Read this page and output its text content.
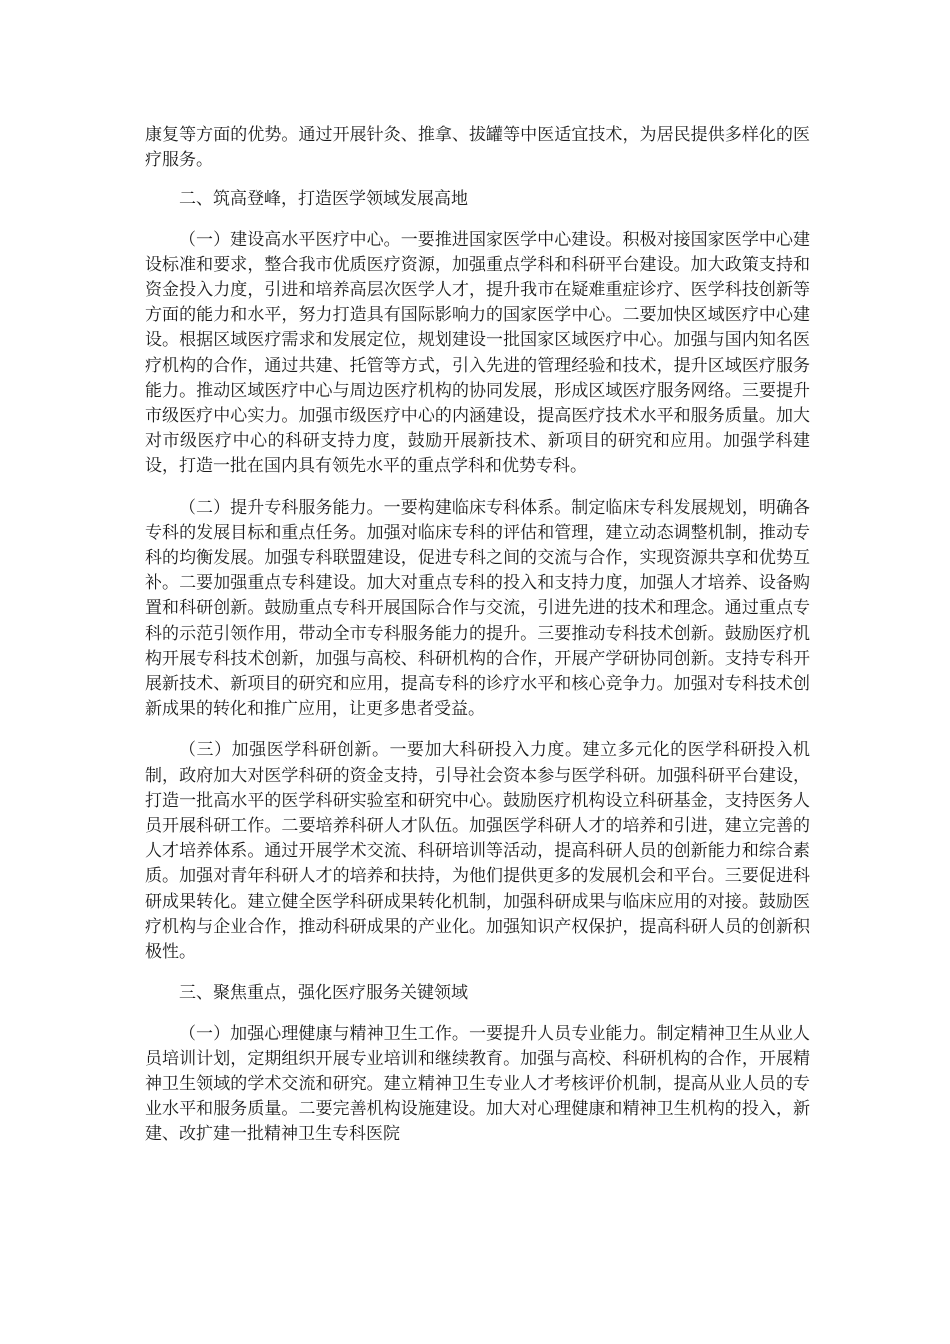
康复等方面的优势。通过开展针灸、推拿、拔罐等中医适宜技术，为居民提供多样化的医疗服务。

二、筑高登峰，打造医学领域发展高地

（一）建设高水平医疗中心。一要推进国家医学中心建设。积极对接国家医学中心建设标准和要求，整合我市优质医疗资源，加强重点学科和科研平台建设。加大政策支持和资金投入力度，引进和培养高层次医学人才，提升我市在疑难重症诊疗、医学科技创新等方面的能力和水平，努力打造具有国际影响力的国家医学中心。二要加快区域医疗中心建设。根据区域医疗需求和发展定位，规划建设一批国家区域医疗中心。加强与国内知名医疗机构的合作，通过共建、托管等方式，引入先进的管理经验和技术，提升区域医疗服务能力。推动区域医疗中心与周边医疗机构的协同发展，形成区域医疗服务网络。三要提升市级医疗中心实力。加强市级医疗中心的内涵建设，提高医疗技术水平和服务质量。加大对市级医疗中心的科研支持力度，鼓励开展新技术、新项目的研究和应用。加强学科建设，打造一批在国内具有领先水平的重点学科和优势专科。

（二）提升专科服务能力。一要构建临床专科体系。制定临床专科发展规划，明确各专科的发展目标和重点任务。加强对临床专科的评估和管理，建立动态调整机制，推动专科的均衡发展。加强专科联盟建设，促进专科之间的交流与合作，实现资源共享和优势互补。二要加强重点专科建设。加大对重点专科的投入和支持力度，加强人才培养、设备购置和科研创新。鼓励重点专科开展国际合作与交流，引进先进的技术和理念。通过重点专科的示范引领作用，带动全市专科服务能力的提升。三要推动专科技术创新。鼓励医疗机构开展专科技术创新，加强与高校、科研机构的合作，开展产学研协同创新。支持专科开展新技术、新项目的研究和应用，提高专科的诊疗水平和核心竞争力。加强对专科技术创新成果的转化和推广应用，让更多患者受益。

（三）加强医学科研创新。一要加大科研投入力度。建立多元化的医学科研投入机制，政府加大对医学科研的资金支持，引导社会资本参与医学科研。加强科研平台建设，打造一批高水平的医学科研实验室和研究中心。鼓励医疗机构设立科研基金，支持医务人员开展科研工作。二要培养科研人才队伍。加强医学科研人才的培养和引进，建立完善的人才培养体系。通过开展学术交流、科研培训等活动，提高科研人员的创新能力和综合素质。加强对青年科研人才的培养和扶持，为他们提供更多的发展机会和平台。三要促进科研成果转化。建立健全医学科研成果转化机制，加强科研成果与临床应用的对接。鼓励医疗机构与企业合作，推动科研成果的产业化。加强知识产权保护，提高科研人员的创新积极性。

三、聚焦重点，强化医疗服务关键领域

（一）加强心理健康与精神卫生工作。一要提升人员专业能力。制定精神卫生从业人员培训计划，定期组织开展专业培训和继续教育。加强与高校、科研机构的合作，开展精神卫生领域的学术交流和研究。建立精神卫生专业人才考核评价机制，提高从业人员的专业水平和服务质量。二要完善机构设施建设。加大对心理健康和精神卫生机构的投入，新建、改扩建一批精神卫生专科医院
